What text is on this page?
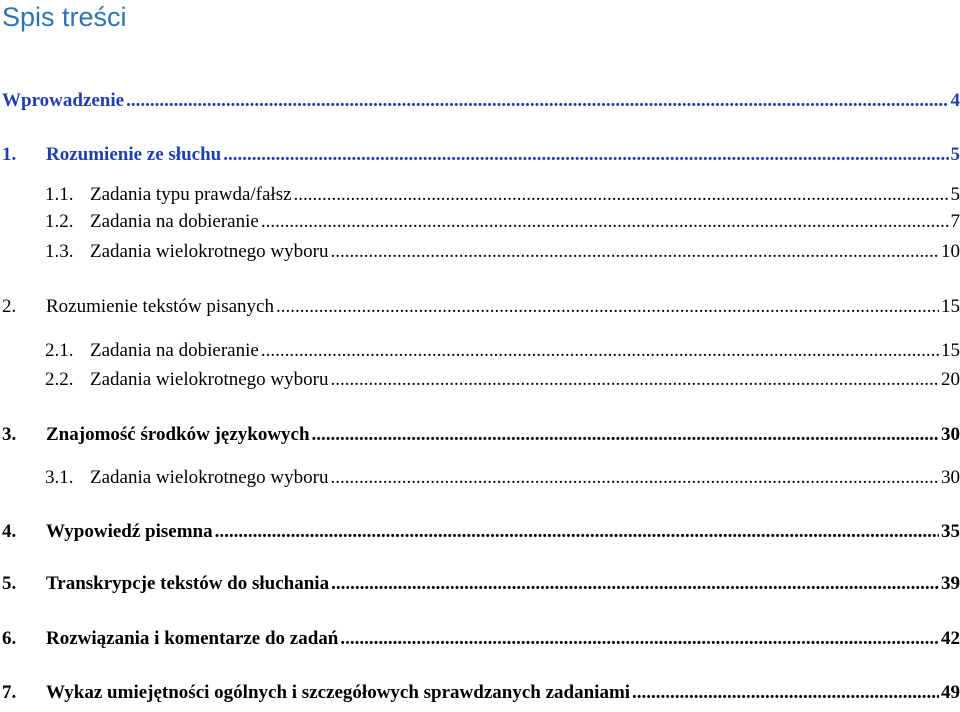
Spis treści
Wprowadzenie .....	4
1.	Rozumienie ze słuchu .....	5
1.1. Zadania typu prawda/fałsz .....	5
1.2. Zadania na dobieranie .....	7
1.3. Zadania wielokrotnego wyboru .....	10
2.	Rozumienie tekstów pisanych .....	15
2.1. Zadania na dobieranie .....	15
2.2. Zadania wielokrotnego wyboru .....	20
3.	Znajomość środków językowych .....	30
3.1. Zadania wielokrotnego wyboru .....	30
4.	Wypowiedź pisemna .....	35
5.	Transkrypcje tekstów do słuchania .....	39
6.	Rozwiązania i komentarze do zadań .....	42
7.	Wykaz umiejętności ogólnych i szczegółowych sprawdzanych zadaniami .....	49
